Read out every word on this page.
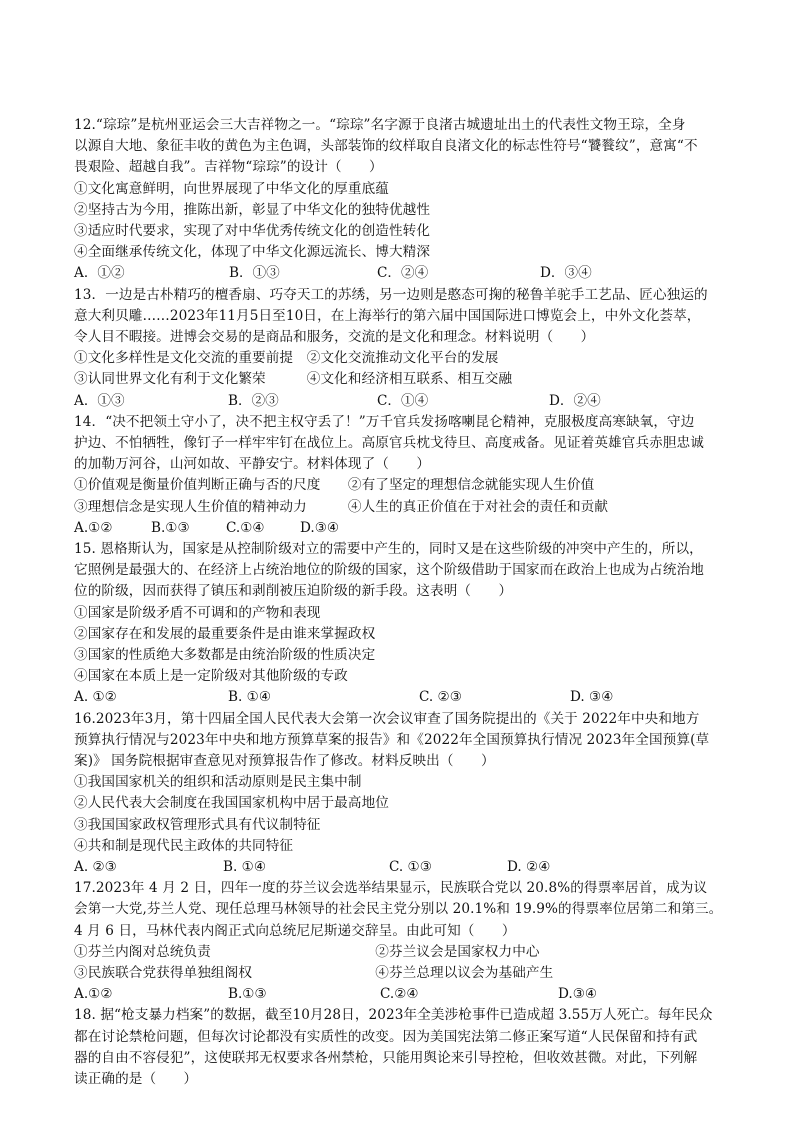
12.“琮琮”是杭州亚运会三大吉祥物之一。“琮琮”名字源于良渚古城遗址出土的代表性文物王琮，全身
以源自大地、象征丰收的黄色为主色调，头部装饰的纹样取自良渚文化的标志性符号“饕餮纹”，意寓“不
畏艰险、超越自我”。吉祥物“琮琮”的设计（　　）
①文化寓意鲜明，向世界展现了中华文化的厚重底蕴
②坚持古为今用，推陈出新，彰显了中华文化的独特优越性
③适应时代要求，实现了对中华优秀传统文化的创造性转化
④全面继承传统文化，体现了中华文化源远流长、博大精深
A．①②	B．①③	C．②④	D．③④
13．一边是古朴精巧的檀香扇、巧夺天工的苏绣，另一边则是憨态可掬的秘鲁羊驼手工艺品、匠心独运的
意大利贝雕……2023年11月5日至10日，在上海举行的第六届中国国际进口博览会上，中外文化荟萃，
令人目不暇接。进博会交易的是商品和服务，交流的是文化和理念。材料说明（　　）
①文化多样性是文化交流的重要前提　②文化交流推动文化平台的发展
③认同世界文化有利于文化繁荣　　　④文化和经济相互联系、相互交融
A．①③	B．②③	C．①④	D．②④
14．“决不把领土守小了，决不把主权守丢了！”万千官兵发扬喀喇昆仑精神，克服极度高寒缺氧，守边
护边、不怕牺牲，像钉子一样牢牢钉在战位上。高原官兵枕戈待旦、高度戒备。见证着英雄官兵赤胆忠诚
的加勒万河谷，山河如故、平静安宁。材料体现了（　　）
①价值观是衡量价值判断正确与否的尺度　　②有了坚定的理想信念就能实现人生价值
③理想信念是实现人生价值的精神动力　　　④人生的真正价值在于对社会的责任和贡献
A.①②	B.①③	C.①④	D.③④
15. 恩格斯认为，国家是从控制阶级对立的需要中产生的，同时又是在这些阶级的冲突中产生的，所以，
它照例是最强大的、在经济上占统治地位的阶级的国家，这个阶级借助于国家而在政治上也成为占统治地
位的阶级，因而获得了镇压和剥削被压迫阶级的新手段。这表明（　　）
①国家是阶级矛盾不可调和的产物和表现
②国家存在和发展的最重要条件是由谁来掌握政权
③国家的性质绝大多数都是由统治阶级的性质决定
④国家在本质上是一定阶级对其他阶级的专政
A. ①②	B. ①④	C. ②③	D. ③④
16.2023年3月，第十四届全国人民代表大会第一次会议审查了国务院提出的《关于 2022年中央和地方
预算执行情况与2023年中央和地方预算草案的报告》和《2022年全国预算执行情况 2023年全国预算(草
案)》 国务院根据审查意见对预算报告作了修改。材料反映出（　　）
①我国国家机关的组织和活动原则是民主集中制
②人民代表大会制度在我国国家机构中居于最高地位
③我国国家政权管理形式具有代议制特征
④共和制是现代民主政体的共同特征
A. ②③	B. ①④	C. ①③	D. ②④
17.2023年 4 月 2 日，四年一度的芬兰议会选举结果显示，民族联合党以 20.8%的得票率居首，成为议
会第一大党,芬兰人党、现任总理马林领导的社会民主党分别以 20.1%和 19.9%的得票率位居第二和第三。
4 月 6 日，马林代表内阁正式向总统尼尼斯递交辞呈。由此可知（　　）
①芬兰内阁对总统负责　　　　　　　　　　　　②芬兰议会是国家权力中心
③民族联合党获得单独组阁权　　　　　　　　　④芬兰总理以议会为基础产生
A.①②	B.①③	C.②④	D.③④
18. 据“枪支暴力档案”的数据，截至10月28日，2023年全美涉枪事件已造成超 3.55万人死亡。每年民众
都在讨论禁枪问题，但每次讨论都没有实质性的改变。因为美国宪法第二修正案写道“人民保留和持有武
器的自由不容侵犯”，这使联邦无权要求各州禁枪，只能用舆论来引导控枪，但收效甚微。对此，下列解
读正确的是（　　）
